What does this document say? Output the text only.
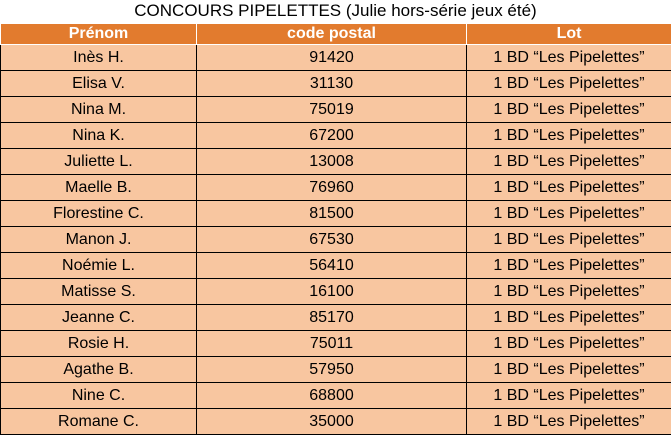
CONCOURS PIPELETTES (Julie hors-série jeux été)
Prénom	code postal	Lot
Inès H.	91420	1 BD “Les Pipelettes”
Elisa V.	31130	1 BD “Les Pipelettes”
Nina M.	75019	1 BD “Les Pipelettes”
Nina K.	67200	1 BD “Les Pipelettes”
Juliette L.	13008	1 BD “Les Pipelettes”
Maelle B.	76960	1 BD “Les Pipelettes”
Florestine C.	81500	1 BD “Les Pipelettes”
Manon J.	67530	1 BD “Les Pipelettes”
Noémie L.	56410	1 BD “Les Pipelettes”
Matisse S.	16100	1 BD “Les Pipelettes”
Jeanne C.	85170	1 BD “Les Pipelettes”
Rosie H.	75011	1 BD “Les Pipelettes”
Agathe B.	57950	1 BD “Les Pipelettes”
Nine C.	68800	1 BD “Les Pipelettes”
Romane C.	35000	1 BD “Les Pipelettes”
